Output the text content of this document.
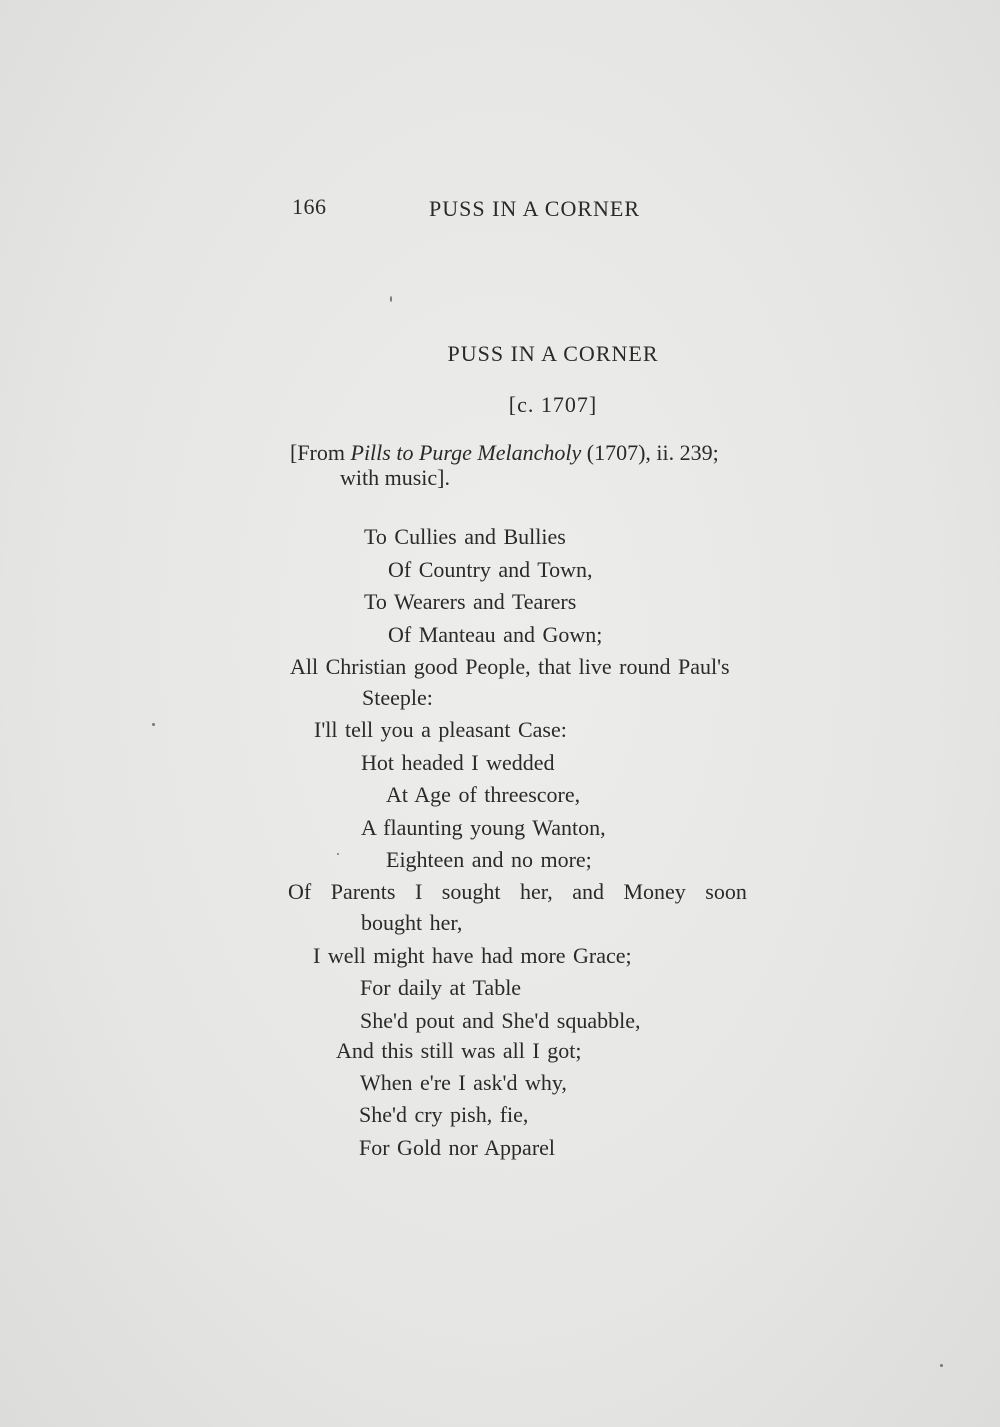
166	PUSS IN A CORNER
PUSS IN A CORNER
[c. 1707]
[From Pills to Purge Melancholy (1707), ii. 239;
with music].
To Cullies and Bullies
Of Country and Town,
To Wearers and Tearers
Of Manteau and Gown;
All Christian good People, that live round Paul's
Steeple:
I'll tell you a pleasant Case:
Hot headed I wedded
At Age of threescore,
A flaunting young Wanton,
Eighteen and no more;
Of Parents I sought her, and Money soon
bought her,
I well might have had more Grace;
For daily at Table
She'd pout and She'd squabble,
And this still was all I got;
When e're I ask'd why,
She'd cry pish, fie,
For Gold nor Apparel
